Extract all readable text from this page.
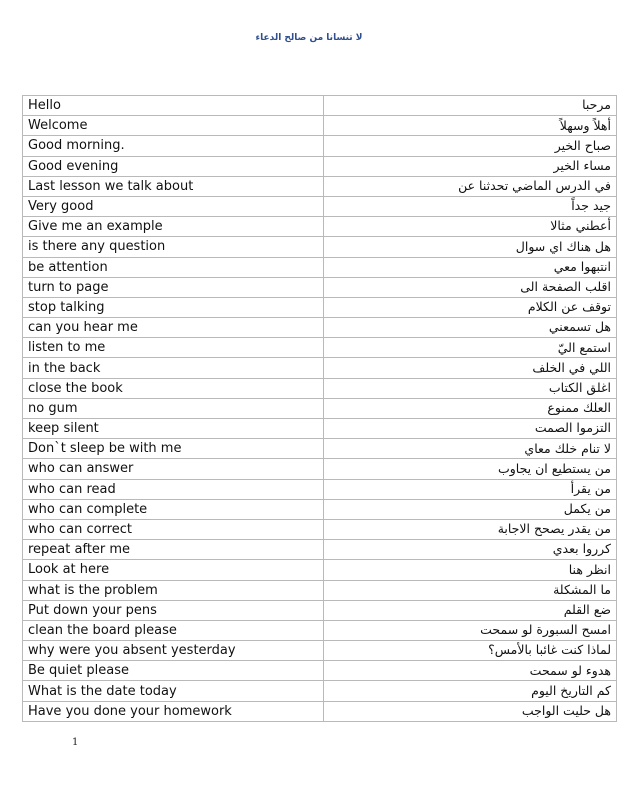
لا تنسانا من صالح الدعاء
Hello	مرحبا
Welcome	أهلاً وسهلاً
Good morning.	صباح الخير
Good evening	مساء الخير
Last lesson we talk about	في الدرس الماضي تحدثنا عن
Very good	جيد جداً
Give me an example	أعطني مثالا
is there any question	هل هناك اي سوال
be attention	انتبهوا معي
turn to page	اقلب الصفحة الى
stop talking	توقف عن الكلام
can you hear me	هل تسمعني
listen to me	استمع اليّ
in the back	اللي في الخلف
close the book	اغلق الكتاب
no gum	العلك ممنوع
keep silent	التزموا الصمت
Don`t sleep be with me	لا تنام خلك معاي
who can answer	من يستطيع ان يجاوب
who can read	من يقرأ
who can complete	من يكمل
who can correct	من يقدر يصحح الاجابة
repeat after me	كرروا بعدي
Look at here	انظر هنا
what is the problem	ما المشكلة
Put down your pens	ضع القلم
clean the board please	امسح السبورة لو سمحت
why were you absent yesterday	لماذا كنت غائبا بالأمس؟
Be quiet please	هدوء لو سمحت
What is the date today	كم التاريخ اليوم
Have you done your homework	هل حليت الواجب
1
